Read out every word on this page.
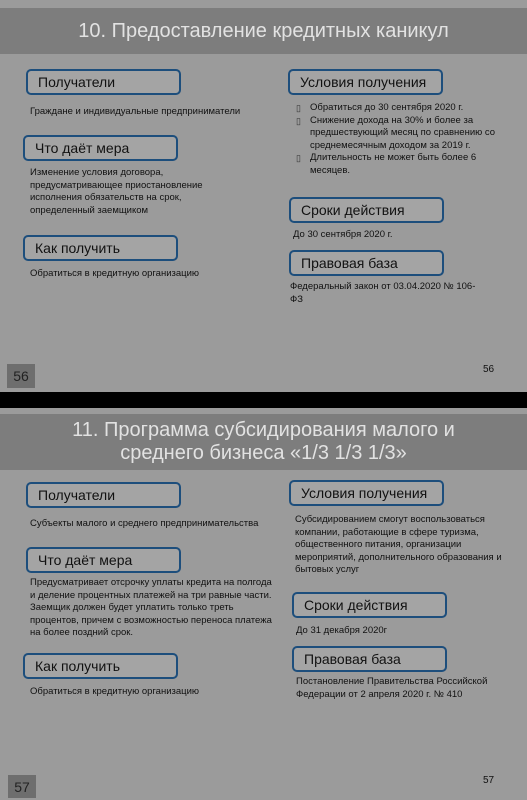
10. Предоставление кредитных каникул
Получатели

Граждане и индивидуальные предприниматели

Что даёт мера

Изменение условия договора, предусматривающее приостановление исполнения обязательств на срок, определенный заемщиком

Как получить

Обратиться в кредитную организацию

Условия получения
▯ Обратиться до 30 сентября 2020 г.
▯ Снижение дохода на 30% и более за предшествующий месяц по сравнению со среднемесячным доходом за 2019 г.
▯ Длительность не может быть более 6 месяцев.
Сроки действия

До 30 сентября 2020 г.

Правовая база

Федеральный закон от 03.04.2020 № 106-ФЗ

56	56
11. Программа субсидирования малого и среднего бизнеса «1/3 1/3 1/3»
Получатели

Субъекты малого и среднего предпринимательства

Что даёт мера

Предусматривает отсрочку уплаты кредита на полгода и деление процентных платежей на три равные части. Заемщик должен будет уплатить только треть процентов, причем с возможностью переноса платежа на более поздний срок.

Как получить

Обратиться в кредитную организацию

Условия получения

Субсидированием смогут воспользоваться компании, работающие в сфере туризма, общественного питания, организации мероприятий, дополнительного образования и бытовых услуг

Сроки действия

До 31 декабря 2020г

Правовая база

Постановление Правительства Российской Федерации от 2 апреля 2020 г. № 410

57	57
